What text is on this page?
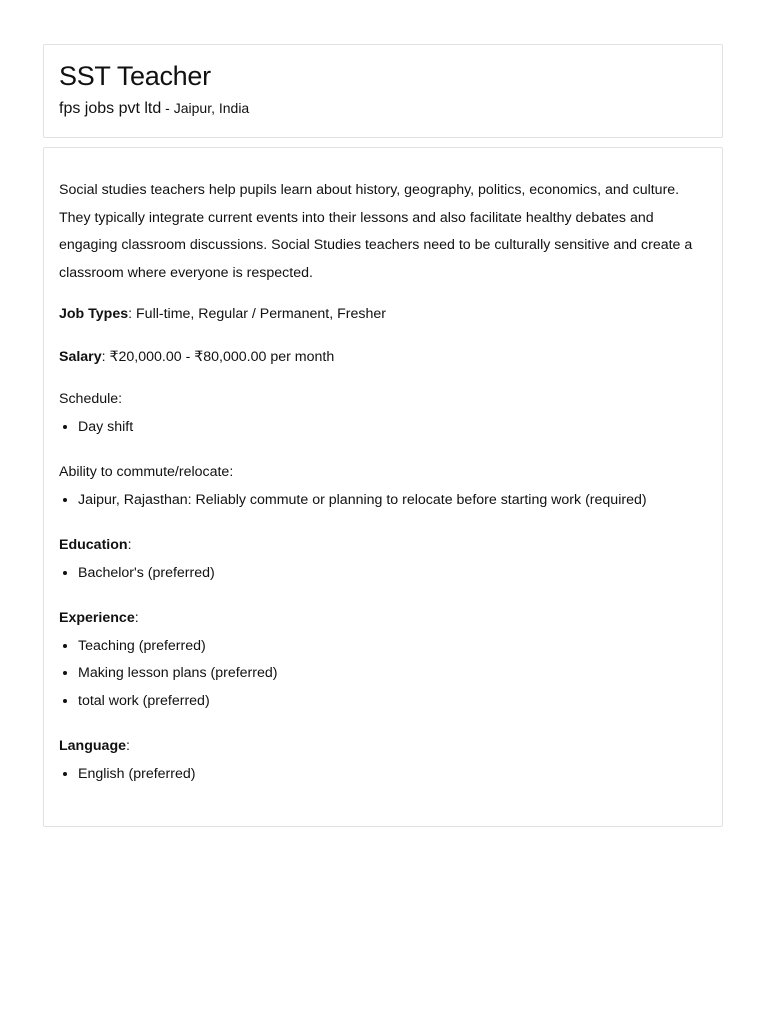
SST Teacher
fps jobs pvt ltd - Jaipur, India

Social studies teachers help pupils learn about history, geography, politics, economics, and culture. They typically integrate current events into their lessons and also facilitate healthy debates and engaging classroom discussions. Social Studies teachers need to be culturally sensitive and create a classroom where everyone is respected.

Job Types: Full-time, Regular / Permanent, Fresher

Salary: ₹20,000.00 - ₹80,000.00 per month

Schedule:

• Day shift

Ability to commute/relocate:

• Jaipur, Rajasthan: Reliably commute or planning to relocate before starting work (required)

Education:

• Bachelor's (preferred)

Experience:

• Teaching (preferred)
• Making lesson plans (preferred)
• total work (preferred)

Language:

• English (preferred)
